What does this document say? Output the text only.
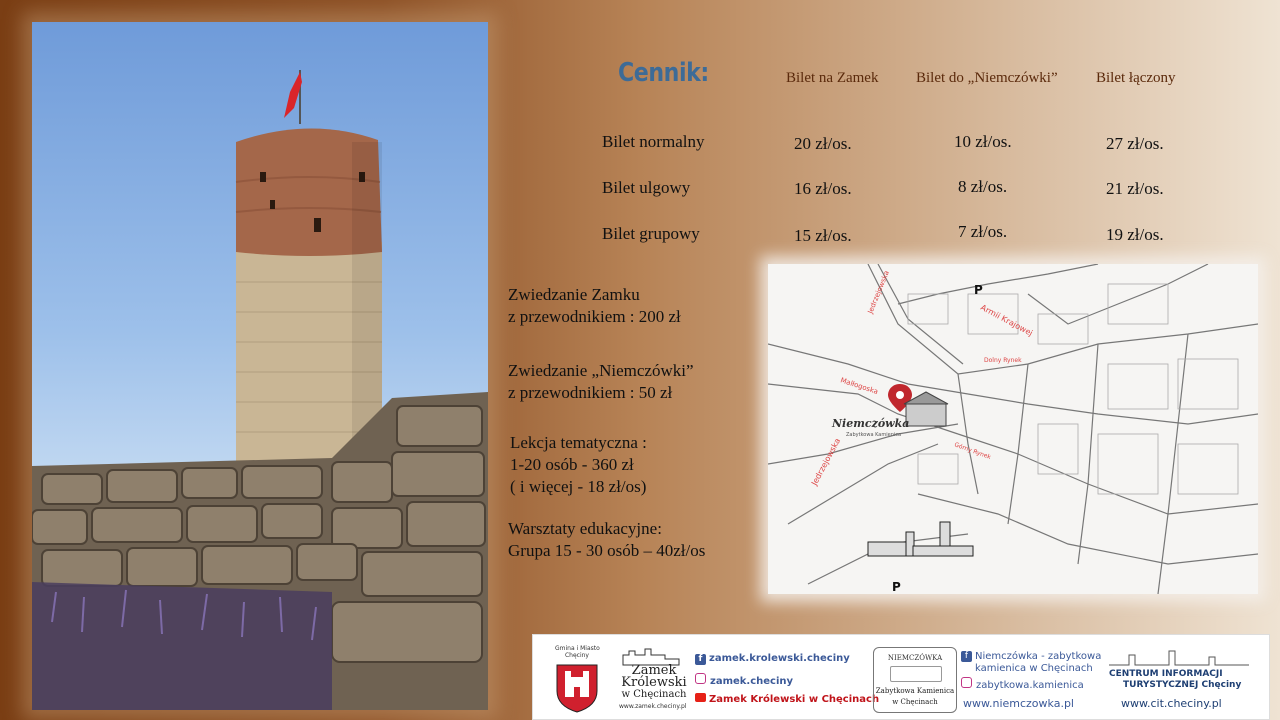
Cennik:	Bilet na Zamek	Bilet do „Niemczówki”	Bilet łączony
Bilet normalny	20 zł/os.	10 zł/os.	27 zł/os.
Bilet ulgowy	16 zł/os.	8 zł/os.	21 zł/os.
Bilet grupowy	15 zł/os.	7 zł/os.	19 zł/os.
Zwiedzanie Zamku
z przewodnikiem : 200 zł
Zwiedzanie „Niemczówki”
z przewodnikiem : 50 zł
Lekcja tematyczna :
1-20 osób - 360 zł
( i więcej - 18 zł/os)
Warsztaty edukacyjne:
Grupa 15 - 30 osób – 40zł/os
Niemczówka
Zabytkowa Kamienica
Armii Krajowej
Jedrzejowska
Malłogoska
Jedrzejowska
Dolny Rynek
Górny Rynek
P
P
Gmina i Miasto
Chęciny
Zamek
Królewski
w Chęcinach
www.zamek.checiny.pl
f zamek.krolewski.checiny
zamek.checiny
Zamek Królewski w Chęcinach
NIEMCZÓWKA
Zabytkowa Kamienica
w Chęcinach
f Niemczówka - zabytkowa
kamienica w Chęcinach
zabytkowa.kamienica
www.niemczowka.pl
CENTRUM INFORMACJI
TURYSTYCZNEJ Chęciny
www.cit.checiny.pl
